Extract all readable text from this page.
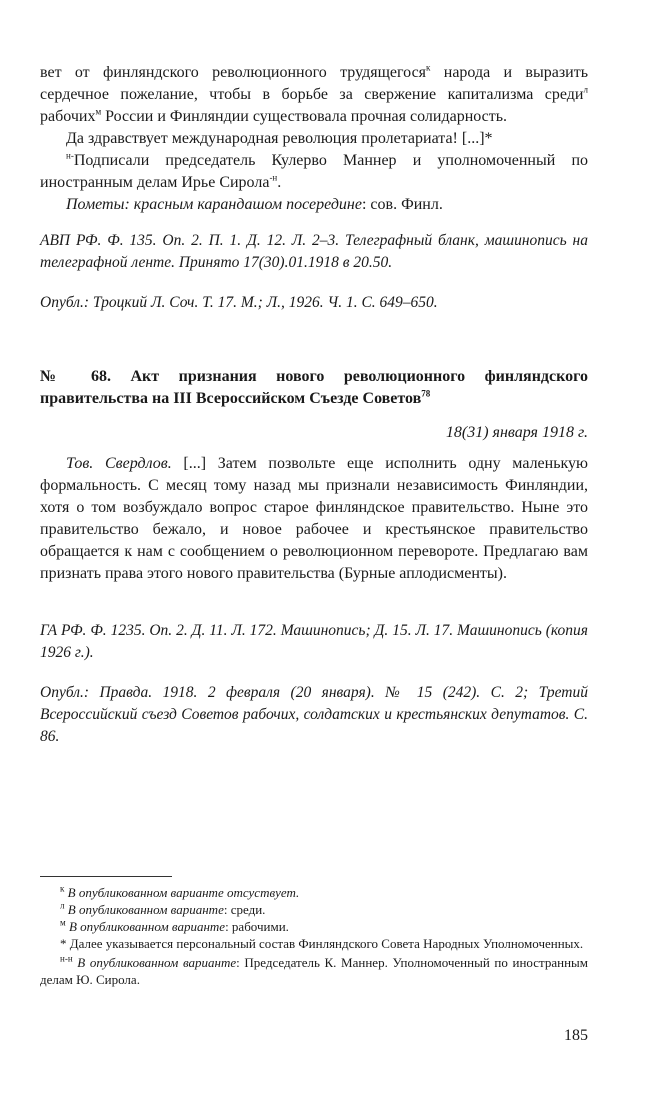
вет от финляндского революционного трудящегося$^к$ народа и выразить сердечное пожелание, чтобы в борьбе за свержение капитализма среди$^л$ рабочих$^м$ России и Финляндии существовала прочная солидарность.

Да здравствует международная революция пролетариата! [...]*

$^{н-}$Подписали председатель Кулерво Маннер и уполномоченный по иностранным делам Ирье Сирола$^{-н}$.

Пометы: красным карандашом посередине: сов. Финл.

АВП РФ. Ф. 135. Оп. 2. П. 1. Д. 12. Л. 2–3. Телеграфный бланк, машинопись на телеграфной ленте. Принято 17(30).01.1918 в 20.50.

Опубл.: Троцкий Л. Соч. Т. 17. М.; Л., 1926. Ч. 1. С. 649–650.

№ 68. Акт признания нового революционного финляндского правительства на III Всероссийском Съезде Советов$^{78}$

18(31) января 1918 г.

Тов. Свердлов. [...] Затем позвольте еще исполнить одну маленькую формальность. С месяц тому назад мы признали независимость Финляндии, хотя о том возбуждало вопрос старое финляндское правительство. Ныне это правительство бежало, и новое рабочее и крестьянское правительство обращается к нам с сообщением о революционном перевороте. Предлагаю вам признать права этого нового правительства (Бурные аплодисменты).

ГА РФ. Ф. 1235. Оп. 2. Д. 11. Л. 172. Машинопись; Д. 15. Л. 17. Машинопись (копия 1926 г.).

Опубл.: Правда. 1918. 2 февраля (20 января). № 15 (242). С. 2; Третий Всероссийский съезд Советов рабочих, солдатских и крестьянских депутатов. С. 86.

$^к$ В опубликованном варианте отсуствует.

$^л$ В опубликованном варианте: среди.

$^м$ В опубликованном варианте: рабочими.

* Далее указывается персональный состав Финляндского Совета Народных Уполномоченных.

$^{н-н}$ В опубликованном варианте: Председатель К. Маннер. Уполномоченный по иностранным делам Ю. Сирола.

185
